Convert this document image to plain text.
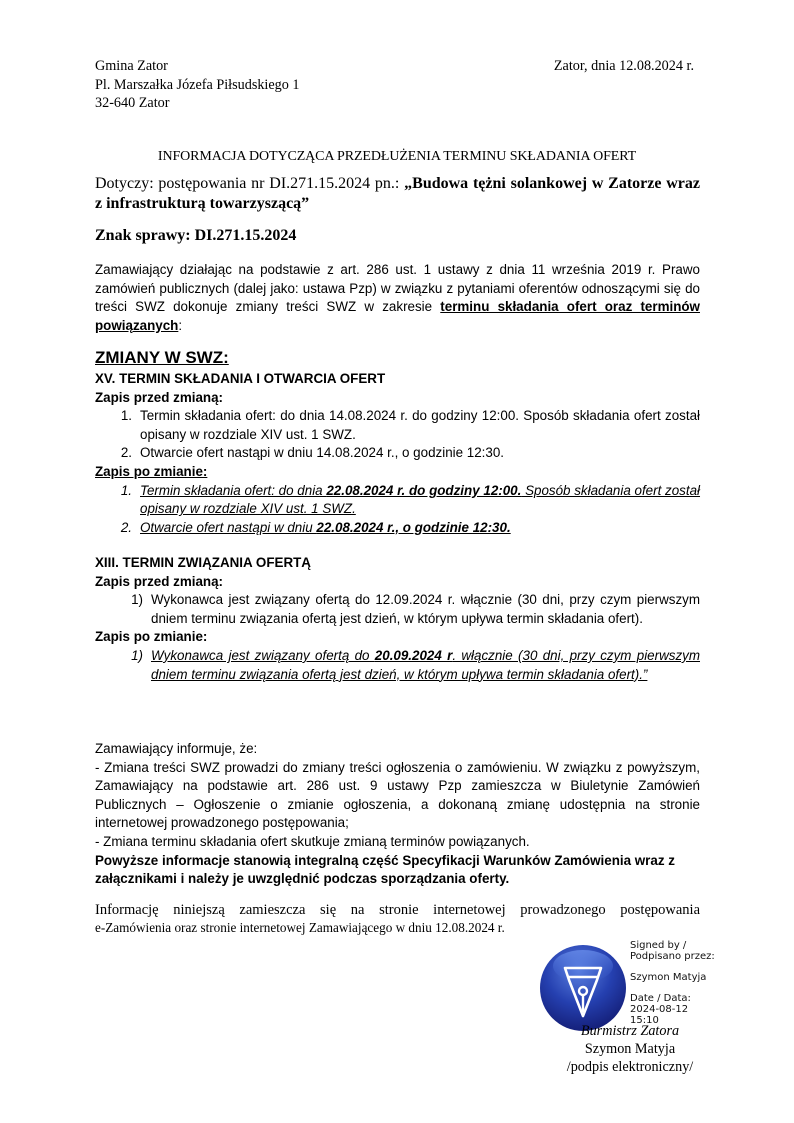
Gmina Zator
Pl. Marszałka Józefa Piłsudskiego 1
32-640 Zator
Zator, dnia 12.08.2024 r.
INFORMACJA DOTYCZĄCA PRZEDŁUŻENIA TERMINU SKŁADANIA OFERT
Dotyczy: postępowania nr DI.271.15.2024 pn.: „Budowa tężni solankowej w Zatorze wraz z infrastrukturą towarzyszącą”
Znak sprawy: DI.271.15.2024
Zamawiający działając na podstawie z art. 286 ust. 1 ustawy z dnia 11 września 2019 r. Prawo zamówień publicznych (dalej jako: ustawa Pzp) w związku z pytaniami oferentów odnoszącymi się do treści SWZ dokonuje zmiany treści SWZ w zakresie terminu składania ofert oraz terminów powiązanych:
ZMIANY W SWZ:
XV. TERMIN SKŁADANIA I OTWARCIA OFERT
Zapis przed zmianą:
1. Termin składania ofert: do dnia 14.08.2024 r. do godziny 12:00. Sposób składania ofert został opisany w rozdziale XIV ust. 1 SWZ.
2. Otwarcie ofert nastąpi w dniu 14.08.2024 r., o godzinie 12:30.
Zapis po zmianie:
1. Termin składania ofert: do dnia 22.08.2024 r. do godziny 12:00. Sposób składania ofert został opisany w rozdziale XIV ust. 1 SWZ.
2. Otwarcie ofert nastąpi w dniu 22.08.2024 r., o godzinie 12:30.
XIII. TERMIN ZWIĄZANIA OFERTĄ
Zapis przed zmianą:
1) Wykonawca jest związany ofertą do 12.09.2024 r. włącznie (30 dni, przy czym pierwszym dniem terminu związania ofertą jest dzień, w którym upływa termin składania ofert).
Zapis po zmianie:
1) Wykonawca jest związany ofertą do 20.09.2024 r. włącznie (30 dni, przy czym pierwszym dniem terminu związania ofertą jest dzień, w którym upływa termin składania ofert).”
Zamawiający informuje, że:
- Zmiana treści SWZ prowadzi do zmiany treści ogłoszenia o zamówieniu. W związku z powyższym, Zamawiający na podstawie art. 286 ust. 9 ustawy Pzp zamieszcza w Biuletynie Zamówień Publicznych – Ogłoszenie o zmianie ogłoszenia, a dokonaną zmianę udostępnia na stronie internetowej prowadzonego postępowania;
- Zmiana terminu składania ofert skutkuje zmianą terminów powiązanych.
Powyższe informacje stanowią integralną część Specyfikacji Warunków Zamówienia wraz z załącznikami i należy je uwzględnić podczas sporządzania oferty.
Informację niniejszą zamieszcza się na stronie internetowej prowadzonego postępowania
e-Zamówienia oraz stronie internetowej Zamawiającego w dniu 12.08.2024 r.
Signed by /
Podpisano przez:
Szymon Matyja
Date / Data:
2024-08-12
15:10
Burmistrz Zatora
Szymon Matyja
/podpis elektroniczny/
